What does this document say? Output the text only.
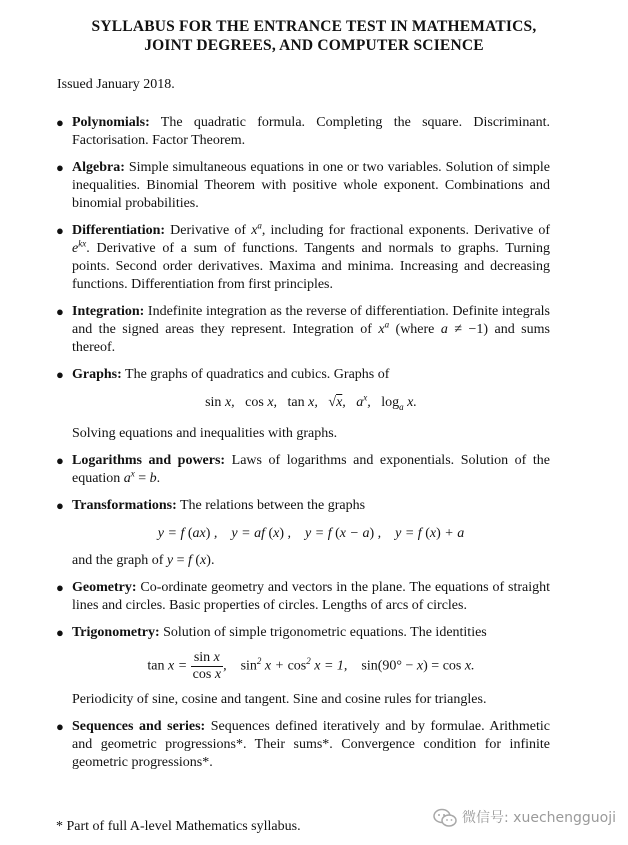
SYLLABUS FOR THE ENTRANCE TEST IN MATHEMATICS,
JOINT DEGREES, AND COMPUTER SCIENCE
Issued January 2018.
● Polynomials: The quadratic formula. Completing the square. Discriminant. Factorisation. Factor Theorem.
● Algebra: Simple simultaneous equations in one or two variables. Solution of simple inequalities. Binomial Theorem with positive whole exponent. Combinations and binomial probabilities.
● Differentiation: Derivative of $x^a$, including for fractional exponents. Derivative of $e^{kx}$. Derivative of a sum of functions. Tangents and normals to graphs. Turning points. Second order derivatives. Maxima and minima. Increasing and decreasing functions. Differentiation from first principles.
● Integration: Indefinite integration as the reverse of differentiation. Definite integrals and the signed areas they represent. Integration of $x^a$ (where a ≠ −1) and sums thereof.
● Graphs: The graphs of quadratics and cubics. Graphs of
sin x,   cos x,   tan x,   √x,   $a^x$,   $\log_a x$.
Solving equations and inequalities with graphs.
● Logarithms and powers: Laws of logarithms and exponentials. Solution of the equation $a^x = b$.
● Transformations: The relations between the graphs
y = f (ax) ,    y = af (x) ,    y = f (x − a) ,    y = f (x) + a
and the graph of y = f (x).
● Geometry: Co-ordinate geometry and vectors in the plane. The equations of straight lines and circles. Basic properties of circles. Lengths of arcs of circles.
● Trigonometry: Solution of simple trigonometric equations. The identities
$\tan x = \frac{\text{sin x}}{\text{cos x}}$ ,    $\sin^2 x + \cos^2 x = 1$,    sin(90° − x) = cos x.
Periodicity of sine, cosine and tangent. Sine and cosine rules for triangles.
● Sequences and series: Sequences defined iteratively and by formulae. Arithmetic and geometric progressions*. Their sums*. Convergence condition for infinite geometric progressions*.
* Part of full A-level Mathematics syllabus.
微信号: xuechengguoji
